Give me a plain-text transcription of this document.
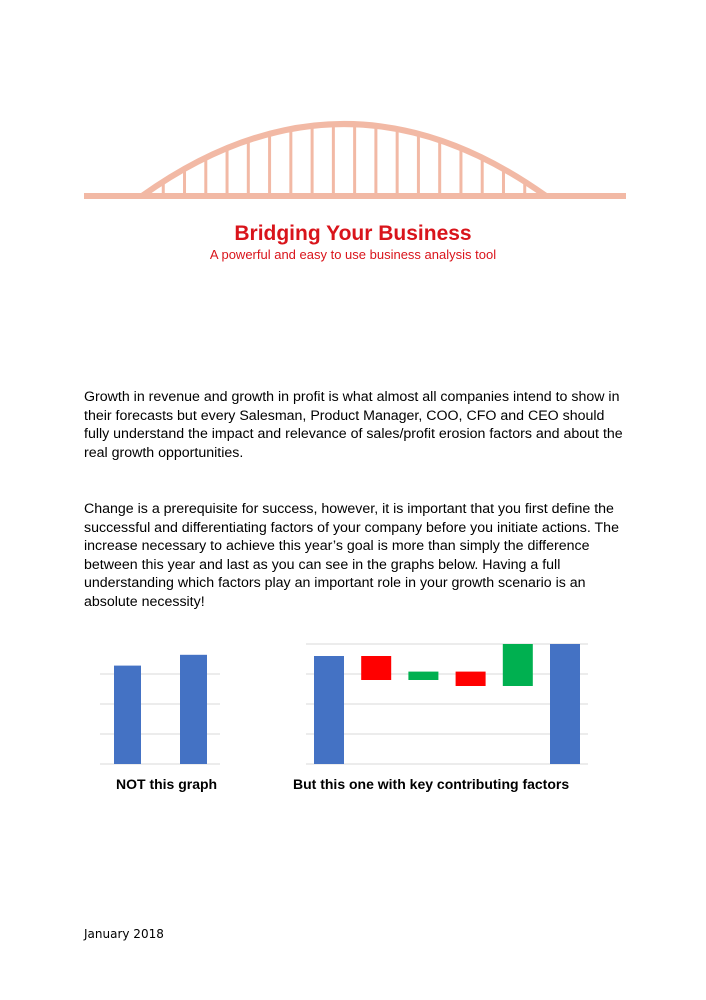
Bridging Your Business
A powerful and easy to use business analysis tool

Growth in revenue and growth in profit is what almost all companies intend to show in their forecasts but every Salesman, Product Manager, COO, CFO and CEO should fully understand the impact and relevance of sales/profit erosion factors and about the real growth opportunities.

Change is a prerequisite for success, however, it is important that you first define the successful and differentiating factors of your company before you initiate actions. The increase necessary to achieve this year’s goal is more than simply the difference between this year and last as you can see in the graphs below. Having a full understanding which factors play an important role in your growth scenario is an absolute necessity!

NOT this graph	But this one with key contributing factors
January 2018
